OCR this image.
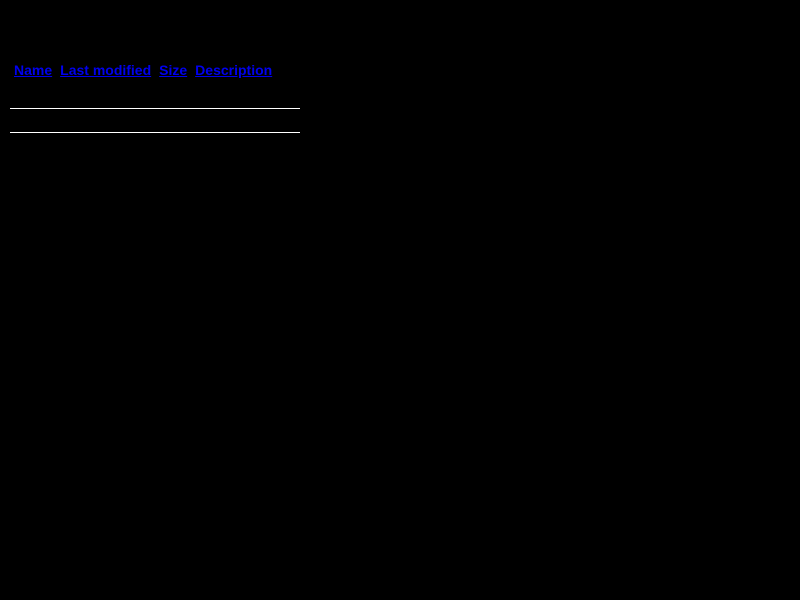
Name	Last modified	Size	Description
